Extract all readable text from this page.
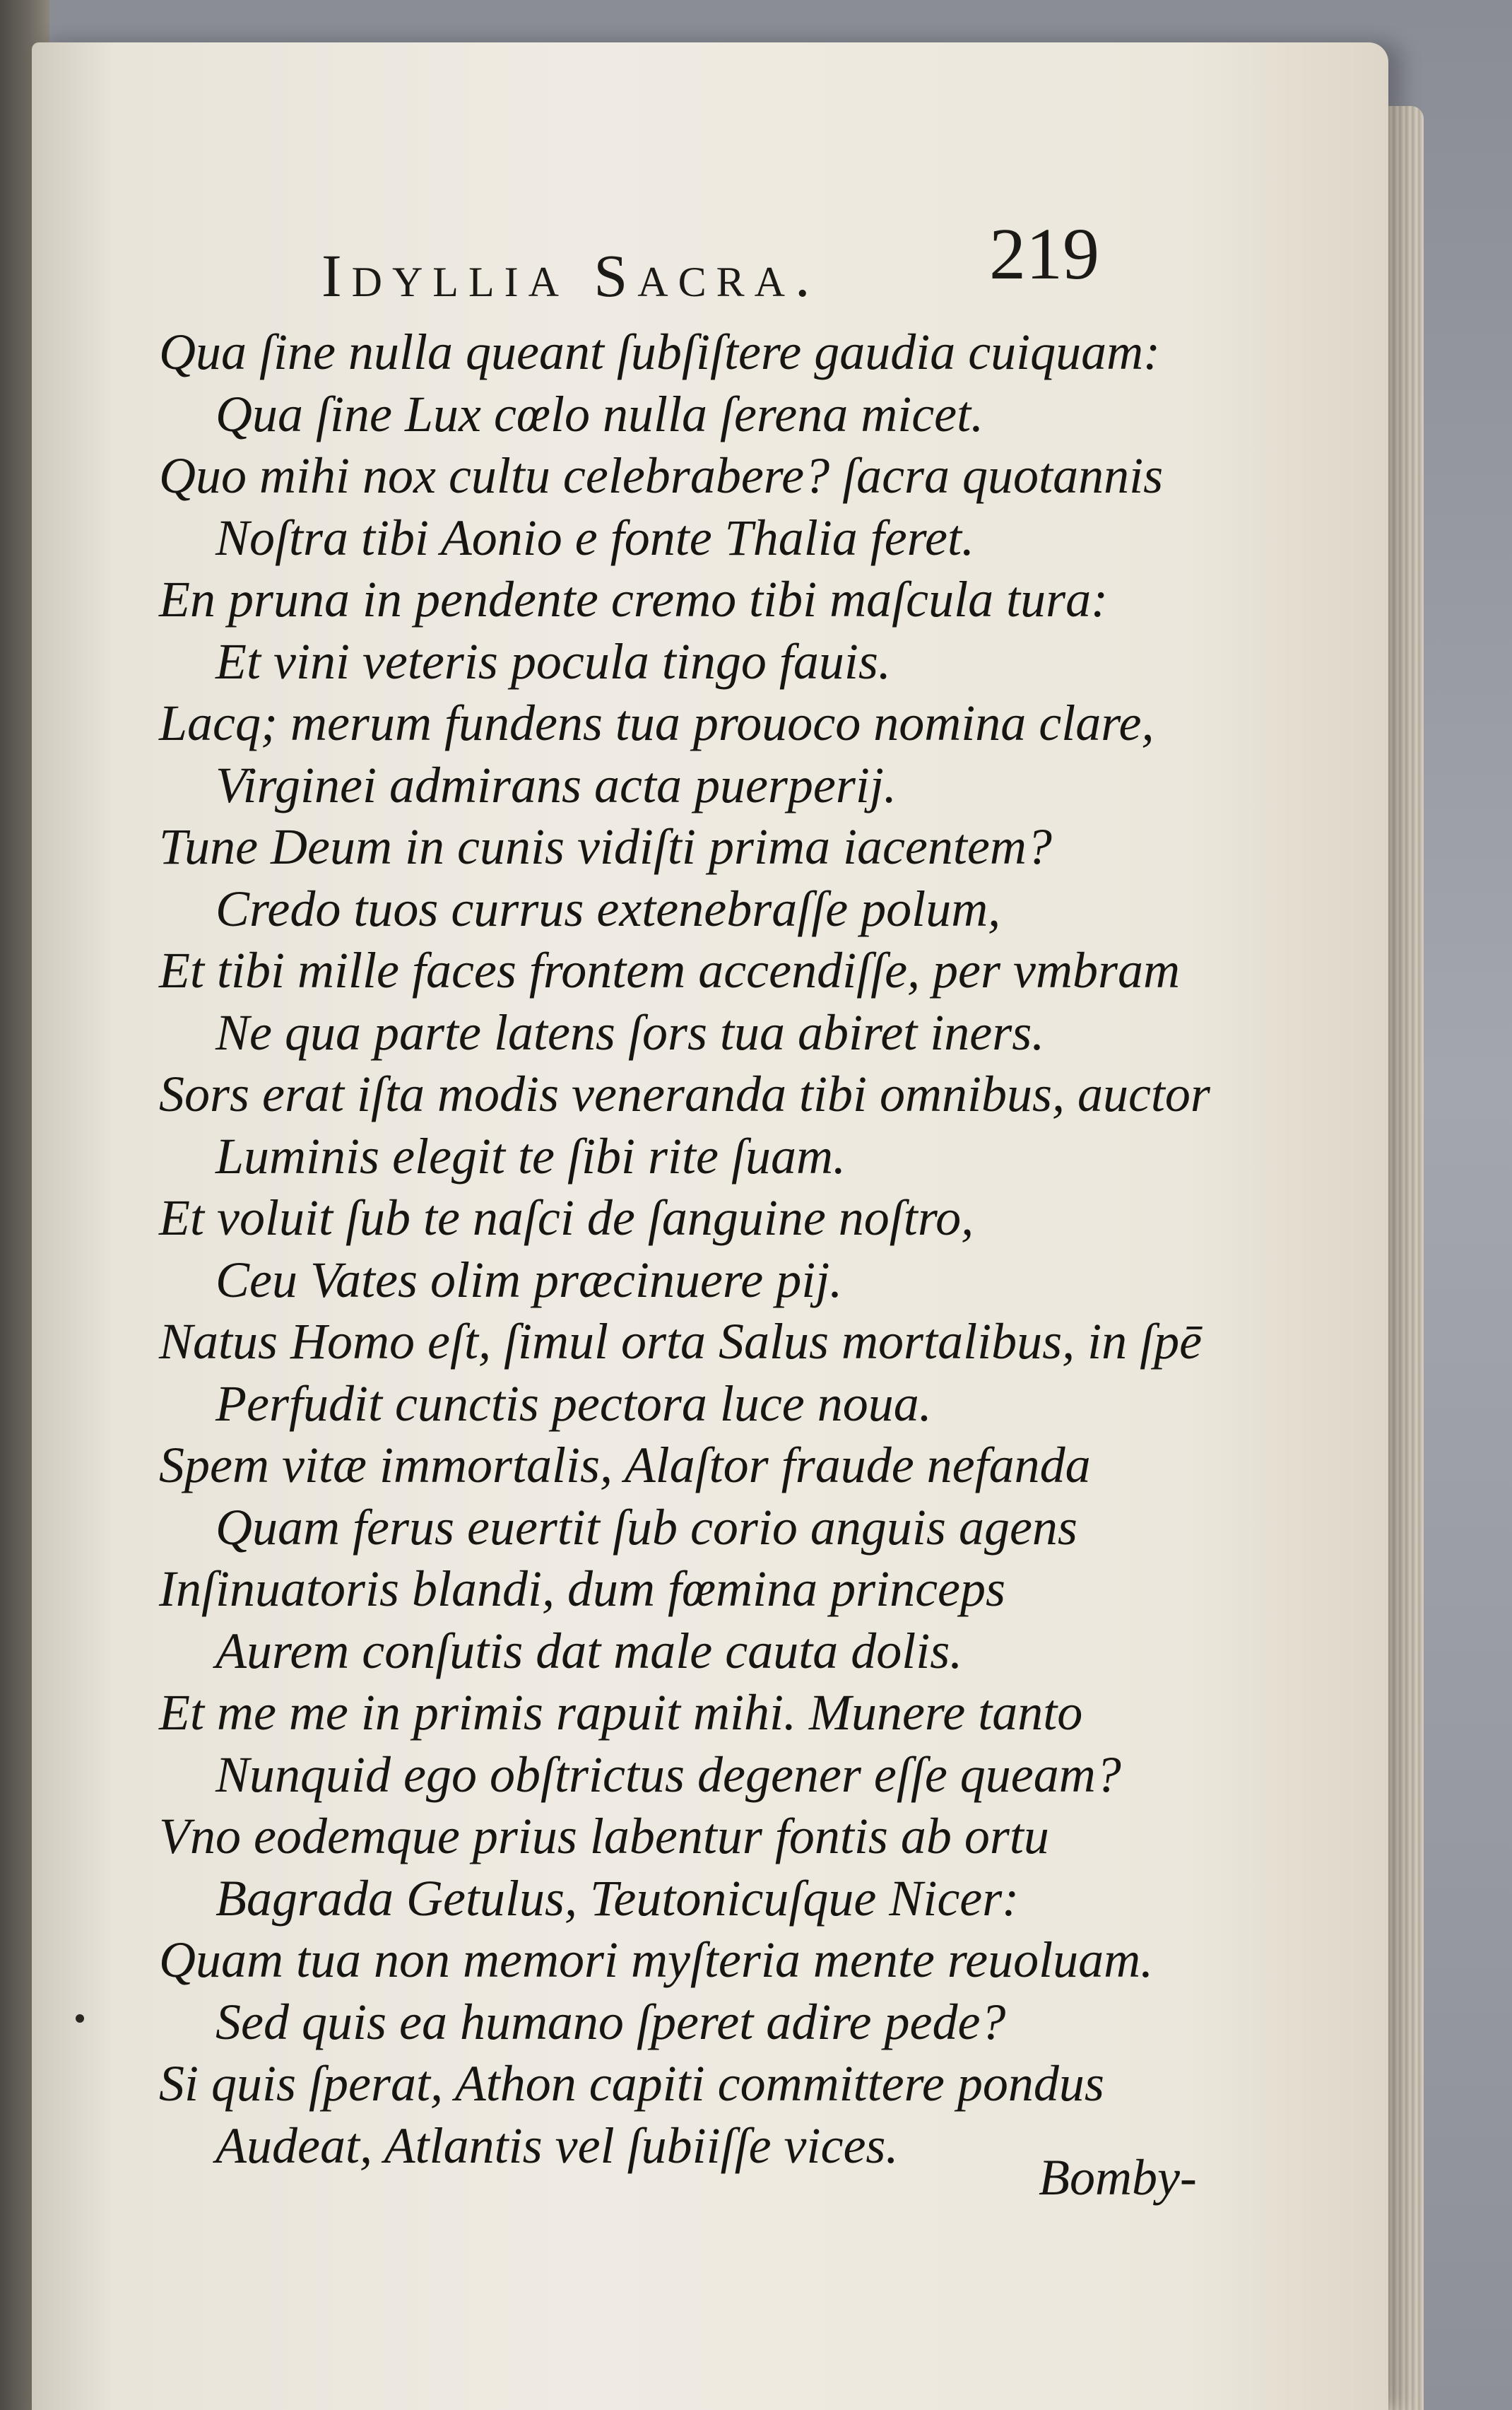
Idyllia Sacra. 219
Qua ſine nulla queant ſubſiſtere gaudia cuiquam:
Qua ſine Lux cœlo nulla ſerena micet.
Quo mihi nox cultu celebrabere? ſacra quotannis
Noſtra tibi Aonio e fonte Thalia feret.
En pruna in pendente cremo tibi maſcula tura:
Et vini veteris pocula tingo fauis.
Lacq; merum fundens tua prouoco nomina clare,
Virginei admirans acta puerperij.
Tune Deum in cunis vidiſti prima iacentem?
Credo tuos currus extenebraſſe polum,
Et tibi mille faces frontem accendiſſe, per vmbram
Ne qua parte latens ſors tua abiret iners.
Sors erat iſta modis veneranda tibi omnibus, auctor
Luminis elegit te ſibi rite ſuam.
Et voluit ſub te naſci de ſanguine noſtro,
Ceu Vates olim præcinuere pij.
Natus Homo eſt, ſimul orta Salus mortalibus, in ſpē
Perfudit cunctis pectora luce noua.
Spem vitæ immortalis, Alaſtor fraude nefanda
Quam ferus euertit ſub corio anguis agens
Inſinuatoris blandi, dum fœmina princeps
Aurem conſutis dat male cauta dolis.
Et me me in primis rapuit mihi. Munere tanto
Nunquid ego obſtrictus degener eſſe queam?
Vno eodemque prius labentur fontis ab ortu
Bagrada Getulus, Teutonicuſque Nicer:
Quam tua non memori myſteria mente reuoluam.
Sed quis ea humano ſperet adire pede?
Si quis ſperat, Athon capiti committere pondus
Audeat, Atlantis vel ſubiiſſe vices.
Bomby-
